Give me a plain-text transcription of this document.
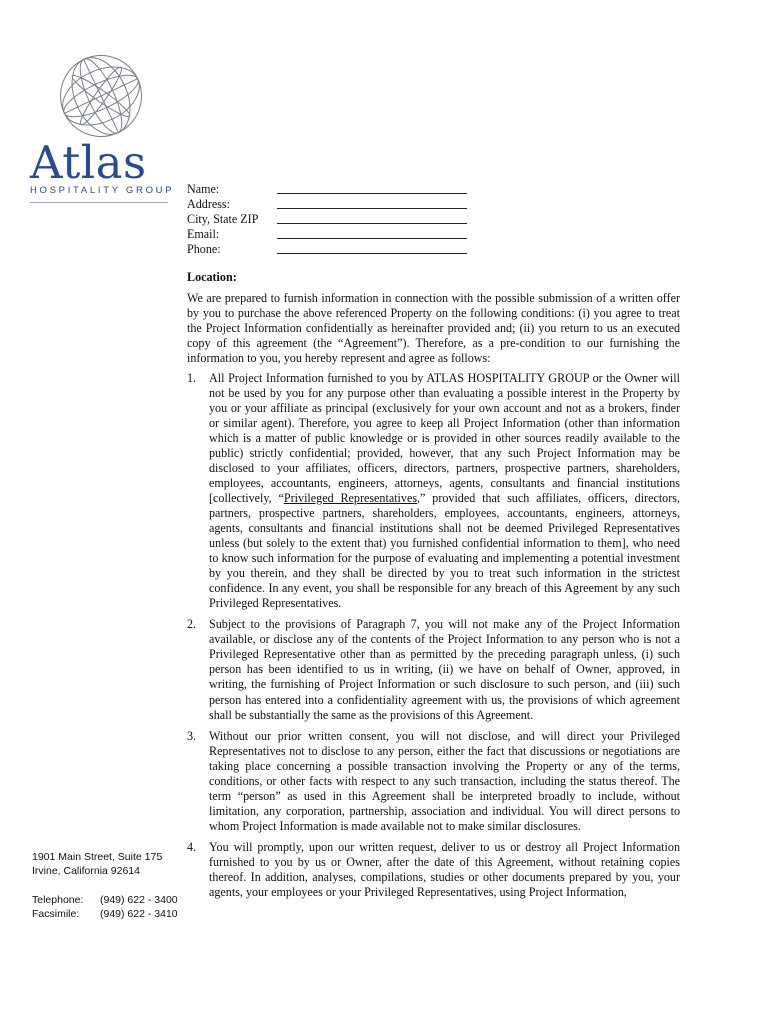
Atlas
HOSPITALITY GROUP
1901 Main Street, Suite 175
Irvine, California 92614
Telephone:	(949) 622 - 3400
Facsimile:	(949) 622 - 3410
Name:
Address:
City, State ZIP
Email:
Phone:
Location:
We are prepared to furnish information in connection with the possible submission of a written offer by you to purchase the above referenced Property on the following conditions: (i) you agree to treat the Project Information confidentially as hereinafter provided and; (ii) you return to us an executed copy of this agreement (the “Agreement”). Therefore, as a pre-condition to our furnishing the information to you, you hereby represent and agree as follows:
1.	All Project Information furnished to you by ATLAS HOSPITALITY GROUP or the Owner will not be used by you for any purpose other than evaluating a possible interest in the Property by you or your affiliate as principal (exclusively for your own account and not as a brokers, finder or similar agent). Therefore, you agree to keep all Project Information (other than information which is a matter of public knowledge or is provided in other sources readily available to the public) strictly confidential; provided, however, that any such Project Information may be disclosed to your affiliates, officers, directors, partners, prospective partners, shareholders, employees, accountants, engineers, attorneys, agents, consultants and financial institutions [collectively, “Privileged Representatives,” provided that such affiliates, officers, directors, partners, prospective partners, shareholders, employees, accountants, engineers, attorneys, agents, consultants and financial institutions shall not be deemed Privileged Representatives unless (but solely to the extent that) you furnished confidential information to them], who need to know such information for the purpose of evaluating and implementing a potential investment by you therein, and they shall be directed by you to treat such information in the strictest confidence. In any event, you shall be responsible for any breach of this Agreement by any such Privileged Representatives.
2.	Subject to the provisions of Paragraph 7, you will not make any of the Project Information available, or disclose any of the contents of the Project Information to any person who is not a Privileged Representative other than as permitted by the preceding paragraph unless, (i) such person has been identified to us in writing, (ii) we have on behalf of Owner, approved, in writing, the furnishing of Project Information or such disclosure to such person, and (iii) such person has entered into a confidentiality agreement with us, the provisions of which agreement shall be substantially the same as the provisions of this Agreement.
3.	Without our prior written consent, you will not disclose, and will direct your Privileged Representatives not to disclose to any person, either the fact that discussions or negotiations are taking place concerning a possible transaction involving the Property or any of the terms, conditions, or other facts with respect to any such transaction, including the status thereof. The term “person” as used in this Agreement shall be interpreted broadly to include, without limitation, any corporation, partnership, association and individual. You will direct persons to whom Project Information is made available not to make similar disclosures.
4.	You will promptly, upon our written request, deliver to us or destroy all Project Information furnished to you by us or Owner, after the date of this Agreement, without retaining copies thereof. In addition, analyses, compilations, studies or other documents prepared by you, your agents, your employees or your Privileged Representatives, using Project Information,
